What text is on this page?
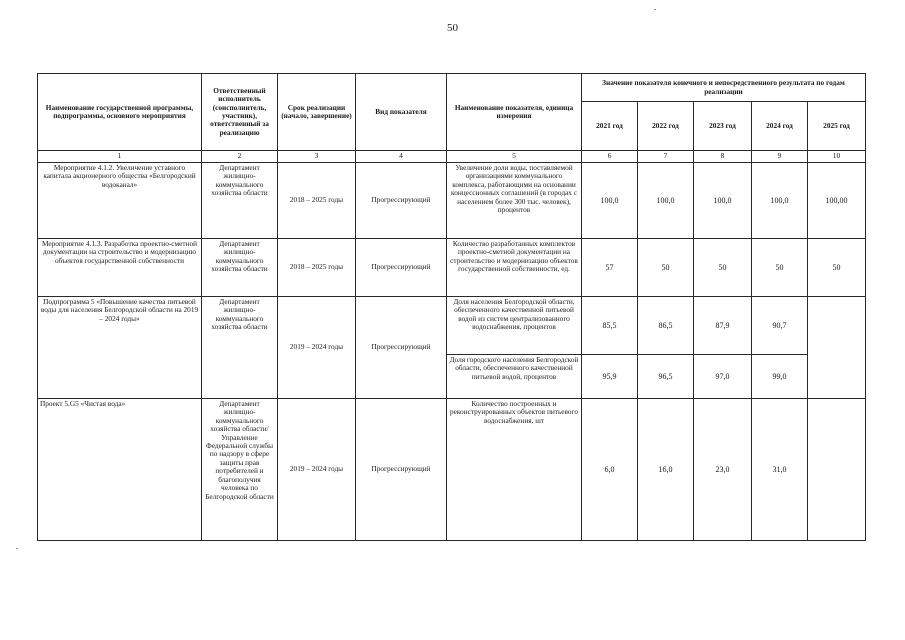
50
Наименование государственной программы, подпрограммы, основного мероприятия	Ответственный исполнитель (соисполнитель, участник), ответственный за реализацию	Срок реализации (начало, завершение)	Вид показателя	Наименование показателя, единица измерения	Значение показателя конечного и непосредственного результата по годам реализации				
					2021 год	2022 год	2023 год	2024 год	2025 год
1	2	3	4	5	6	7	8	9	10
Мероприятие 4.1.2. Увеличение уставного капитала акционерного общества «Белгородский водоканал»	Департамент жилищно-коммунального хозяйства области	2018 – 2025 годы	Прогрессирующий	Увеличение доли воды, поставляемой организациями коммунального комплекса, работающими на основании концессионных соглашений (в городах с населением более 300 тыс. человек), процентов	100,0	100,0	100,0	100,0	100,00
Мероприятие 4.1.3. Разработка проектно-сметной документации на строительство и модернизацию объектов государственной собственности	Департамент жилищно-коммунального хозяйства области	2018 – 2025 годы	Прогрессирующий	Количество разработанных комплектов проектно-сметной документации на строительство и модернизацию объектов государственной собственности, ед.	57	50	50	50	50
Подпрограмма 5 «Повышение качества питьевой воды для населения Белгородской области на 2019 – 2024 годы»	Департамент жилищно-коммунального хозяйства области	2019 – 2024 годы	Прогрессирующий	Доля населения Белгородской области, обеспеченного качественной питьевой водой из систем централизованного водоснабжения, процентов	85,5	86,5	87,9	90,7	
				Доля городского населения Белгородской области, обеспеченного качественной питьевой водой, процентов	95,9	96,5	97,0	99,0	
Проект 5.G5 «Чистая вода»	Департамент жилищно-коммунального хозяйства области/Управление Федеральной службы по надзору в сфере защиты прав потребителей и благополучия человека по Белгородской области	2019 – 2024 годы	Прогрессирующий	Количество построенных и реконструированных объектов питьевого водоснабжения, шт	6,0	16,0	23,0	31,0	
